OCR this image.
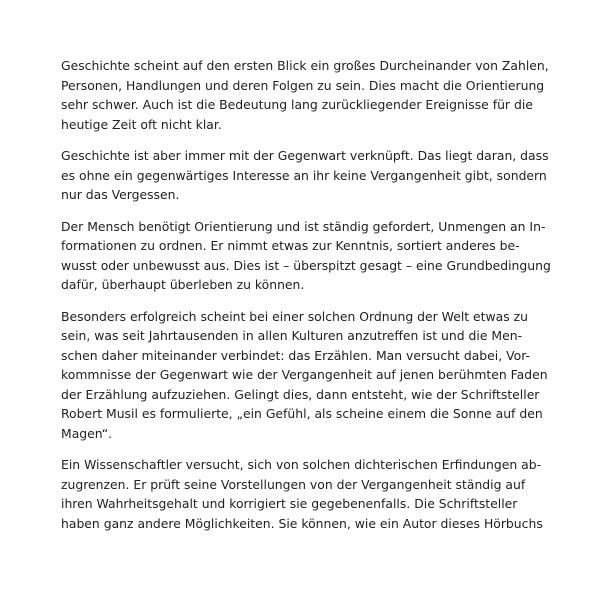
Geschichte scheint auf den ersten Blick ein großes Durcheinander von Zahlen,
Personen, Handlungen und deren Folgen zu sein. Dies macht die Orientierung
sehr schwer. Auch ist die Bedeutung lang zurückliegender Ereignisse für die
heutige Zeit oft nicht klar.

Geschichte ist aber immer mit der Gegenwart verknüpft. Das liegt daran, dass
es ohne ein gegenwärtiges Interesse an ihr keine Vergangenheit gibt, sondern
nur das Vergessen.

Der Mensch benötigt Orientierung und ist ständig gefordert, Unmengen an In-
formationen zu ordnen. Er nimmt etwas zur Kenntnis, sortiert anderes be-
wusst oder unbewusst aus. Dies ist – überspitzt gesagt – eine Grundbedingung
dafür, überhaupt überleben zu können.

Besonders erfolgreich scheint bei einer solchen Ordnung der Welt etwas zu
sein, was seit Jahrtausenden in allen Kulturen anzutreffen ist und die Men-
schen daher miteinander verbindet: das Erzählen. Man versucht dabei, Vor-
kommnisse der Gegenwart wie der Vergangenheit auf jenen berühmten Faden
der Erzählung aufzuziehen. Gelingt dies, dann entsteht, wie der Schriftsteller
Robert Musil es formulierte, „ein Gefühl, als scheine einem die Sonne auf den
Magen“.

Ein Wissenschaftler versucht, sich von solchen dichterischen Erfindungen ab-
zugrenzen. Er prüft seine Vorstellungen von der Vergangenheit ständig auf
ihren Wahrheitsgehalt und korrigiert sie gegebenenfalls. Die Schriftsteller
haben ganz andere Möglichkeiten. Sie können, wie ein Autor dieses Hörbuchs
